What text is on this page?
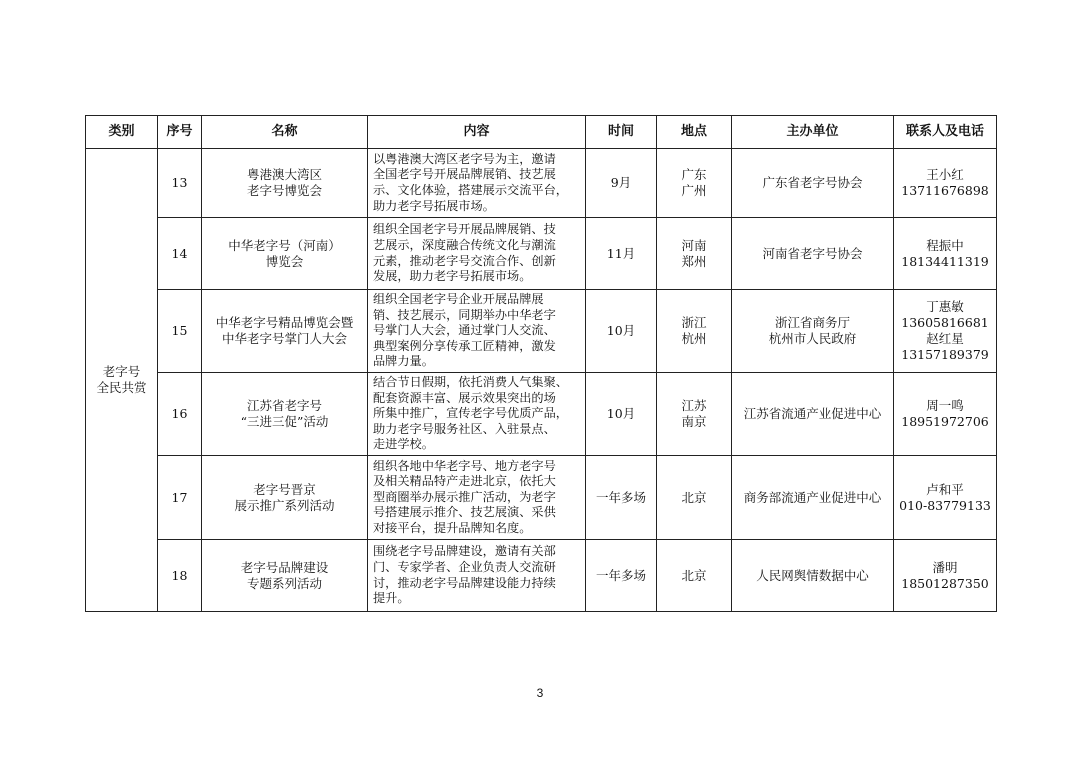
类别	序号	名称	内容	时间	地点	主办单位	联系人及电话

老字号
全民共赏	13	粤港澳大湾区
老字号博览会	以粤港澳大湾区老字号为主，邀请
全国老字号开展品牌展销、技艺展
示、文化体验，搭建展示交流平台，
助力老字号拓展市场。	9月	广东
广州	广东省老字号协会	王小红
13711676898

	14	中华老字号（河南）
博览会	组织全国老字号开展品牌展销、技
艺展示，深度融合传统文化与潮流
元素，推动老字号交流合作、创新
发展，助力老字号拓展市场。	11月	河南
郑州	河南省老字号协会	程振中
18134411319

	15	中华老字号精品博览会暨
中华老字号掌门人大会	组织全国老字号企业开展品牌展
销、技艺展示，同期举办中华老字
号掌门人大会，通过掌门人交流、
典型案例分享传承工匠精神，激发
品牌力量。	10月	浙江
杭州	浙江省商务厅
杭州市人民政府	丁惠敏
13605816681
赵红星
13157189379

	16	江苏省老字号
“三进三促”活动	结合节日假期，依托消费人气集聚、
配套资源丰富、展示效果突出的场
所集中推广，宣传老字号优质产品，
助力老字号服务社区、入驻景点、
走进学校。	10月	江苏
南京	江苏省流通产业促进中心	周一鸣
18951972706

	17	老字号晋京
展示推广系列活动	组织各地中华老字号、地方老字号
及相关精品特产走进北京，依托大
型商圈举办展示推广活动，为老字
号搭建展示推介、技艺展演、采供
对接平台，提升品牌知名度。	一年多场	北京	商务部流通产业促进中心	卢和平
010-83779133

	18	老字号品牌建设
专题系列活动	围绕老字号品牌建设，邀请有关部
门、专家学者、企业负责人交流研
讨，推动老字号品牌建设能力持续
提升。	一年多场	北京	人民网舆情数据中心	潘明
18501287350
3
